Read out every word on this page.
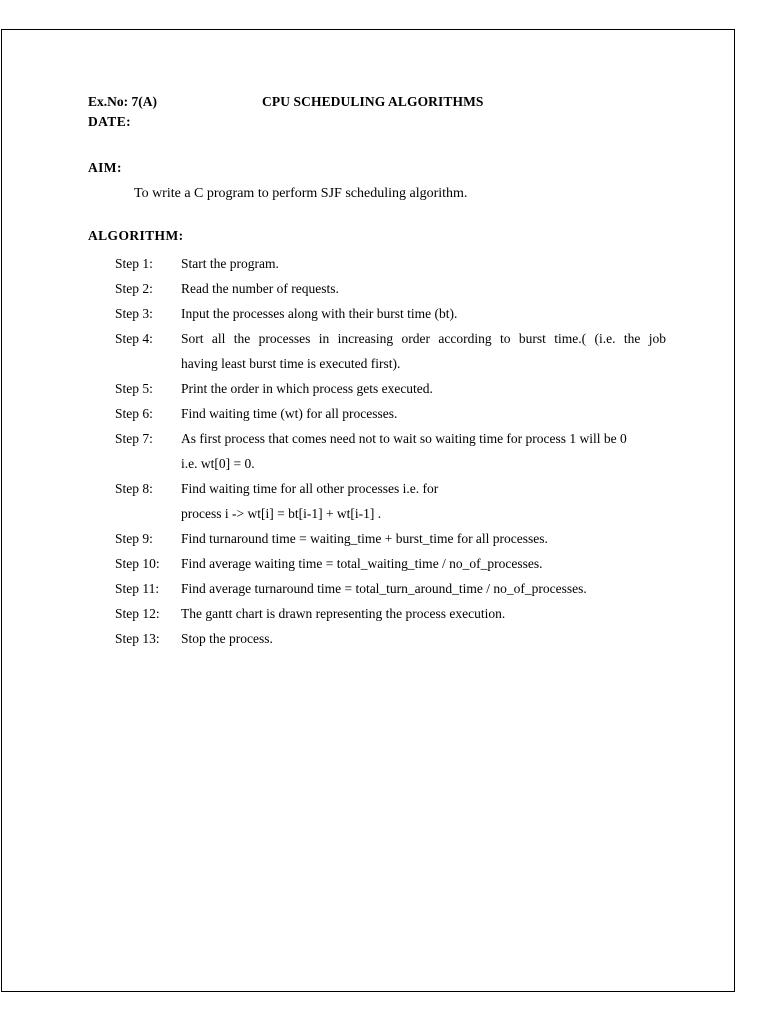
Ex.No: 7(A)	CPU SCHEDULING ALGORITHMS
DATE:
AIM:
To write a C program to perform SJF scheduling algorithm.
ALGORITHM:
Step 1:	Start the program.
Step 2:	Read the number of requests.
Step 3:	Input the processes along with their burst time (bt).
Step 4:	Sort all the processes in increasing order according to burst time.( (i.e. the job
having least burst time is executed first).
Step 5:	Print the order in which process gets executed.
Step 6:	Find waiting time (wt) for all processes.
Step 7:	As first process that comes need not to wait so waiting time for process 1 will be 0
i.e. wt[0] = 0.
Step 8:	Find waiting time for all other processes i.e. for
process i -> wt[i] = bt[i-1] + wt[i-1] .
Step 9:	Find turnaround time = waiting_time + burst_time for all processes.
Step 10:	Find average waiting time = total_waiting_time / no_of_processes.
Step 11:	Find average turnaround time = total_turn_around_time / no_of_processes.
Step 12:	The gantt chart is drawn representing the process execution.
Step 13:	Stop the process.
